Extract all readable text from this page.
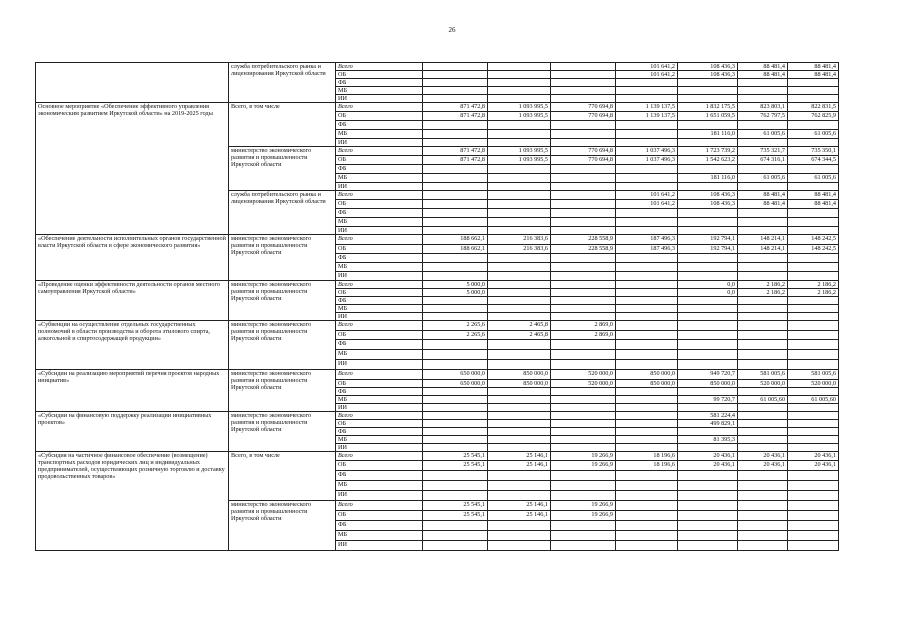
26
	служба потребительского рынка и лицензирования Иркутской области	Всего				101 641,2	108 436,3	88 481,4	88 481,4
		ОБ				101 641,2	108 436,3	88 481,4	88 481,4
		ФБ							
		МБ							
		ИИ							
Основное мероприятие «Обеспечение эффективного управления экономическим развитием Иркутской области» на 2019-2025 годы	Всего, в том числе	Всего	871 472,8	1 093 995,5	770 694,8	1 139 137,5	1 832 175,5	823 803,1	822 831,5
		ОБ	871 472,8	1 093 995,5	770 694,8	1 139 137,5	1 651 059,5	762 797,5	762 825,9
		ФБ							
		МБ					181 116,0	61 005,6	61 005,6
		ИИ							
	министерство экономического развития и промышленности Иркутской области	Всего	871 472,8	1 093 995,5	770 694,8	1 037 496,3	1 723 739,2	735 321,7	735 350,1
		ОБ	871 472,8	1 093 995,5	770 694,8	1 037 496,3	1 542 623,2	674 316,1	674 344,5
		ФБ							
		МБ					181 116,0	61 005,6	61 005,6
		ИИ							
	служба потребительского рынка и лицензирования Иркутской области	Всего				101 641,2	108 436,3	88 481,4	88 481,4
		ОБ				101 641,2	108 436,3	88 481,4	88 481,4
		ФБ							
		МБ							
		ИИ							
«Обеспечение деятельности исполнительных органов государственной власти Иркутской области в сфере экономического развития»	министерство экономического развития и промышленности Иркутской области	Всего	188 662,1	216 383,6	228 558,9	187 496,3	192 794,1	148 214,1	148 242,5
		ОБ	188 662,1	216 383,6	228 558,9	187 496,3	192 794,1	148 214,1	148 242,5
		ФБ							
		МБ							
		ИИ							
«Проведение оценки эффективности деятельности органов местного самоуправления Иркутской области»	министерство экономического развития и промышленности Иркутской области	Всего	5 000,0				0,0	2 186,2	2 186,2
		ОБ	5 000,0				0,0	2 186,2	2 186,2
		ФБ							
		МБ							
		ИИ							
«Субвенции на осуществление отдельных государственных полномочий в области производства и оборота этилового спирта, алкогольной и спиртосодержащей продукции»	министерство экономического развития и промышленности Иркутской области	Всего	2 265,6	2 465,8	2 869,0				
		ОБ	2 265,6	2 465,8	2 869,0				
		ФБ							
		МБ							
		ИИ							
«Субсидии на реализацию мероприятий перечня проектов народных инициатив»	министерство экономического развития и промышленности Иркутской области	Всего	650 000,0	850 000,0	520 000,0	850 000,0	949 720,7	581 005,6	581 005,6
		ОБ	650 000,0	850 000,0	520 000,0	850 000,0	850 000,0	520 000,0	520 000,0
		ФБ							
		МБ					99 720,7	61 005,60	61 005,60
		ИИ							
«Субсидии на финансовую поддержку реализации инициативных проектов»	министерство экономического развития и промышленности Иркутской области	Всего					581 224,4		
		ОБ					499 829,1		
		ФБ							
		МБ					81 395,3		
		ИИ							
«Субсидия на частичное финансовое обеспечение (возмещение) транспортных расходов юридических лиц и индивидуальных предпринимателей, осуществляющих розничную торговлю и доставку продовольственных товаров»	Всего, в том числе	Всего	25 545,1	25 146,1	19 266,9	18 196,6	20 436,1	20 436,1	20 436,1
		ОБ	25 545,1	25 146,1	19 266,9	18 196,6	20 436,1	20 436,1	20 436,1
		ФБ							
		МБ							
		ИИ							
	министерство экономического развития и промышленности Иркутской области	Всего	25 545,1	25 146,1	19 266,9				
		ОБ	25 545,1	25 146,1	19 266,9				
		ФБ							
		МБ							
		ИИ							
